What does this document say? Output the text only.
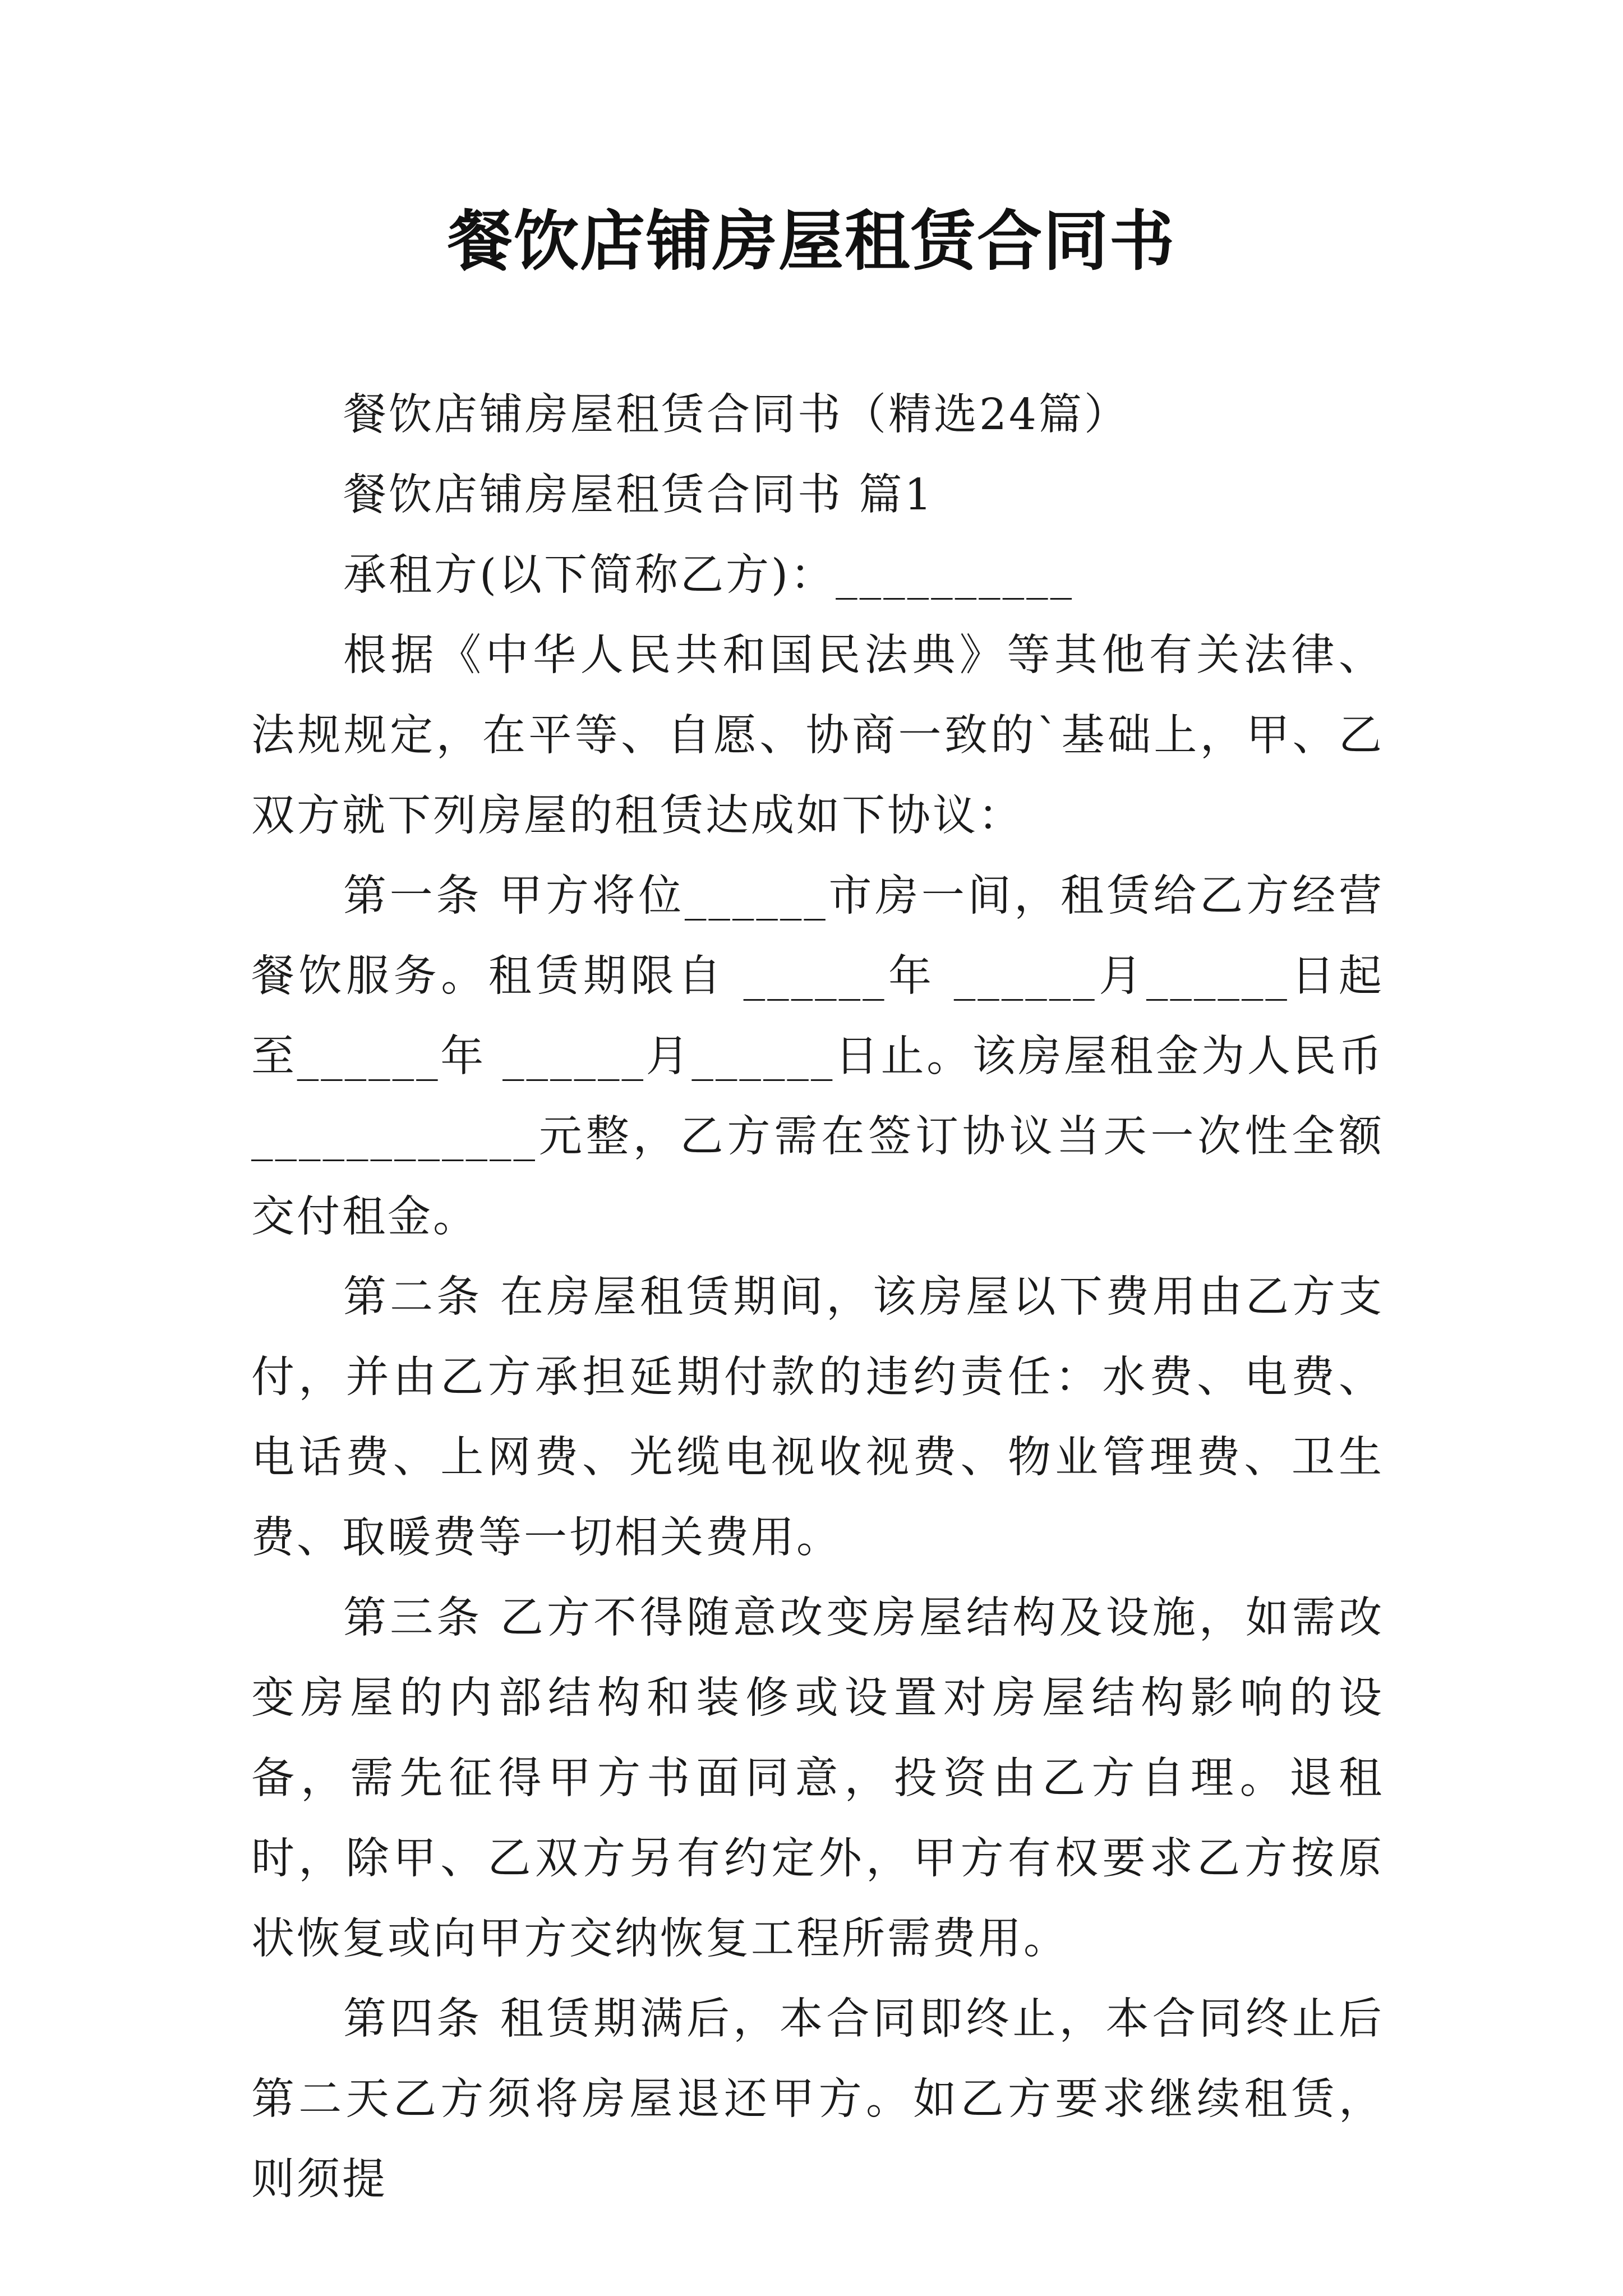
餐饮店铺房屋租赁合同书

餐饮店铺房屋租赁合同书（精选24篇）

餐饮店铺房屋租赁合同书 篇1

承租方(以下简称乙方)：__________

根据《中华人民共和国民法典》等其他有关法律、法规规定，在平等、自愿、协商一致的`基础上，甲、乙双方就下列房屋的租赁达成如下协议：

第一条 甲方将位______市房一间，租赁给乙方经营餐饮服务。租赁期限自 ______年 ______月______日起至______年 ______月______日止。该房屋租金为人民币____________元整，乙方需在签订协议当天一次性全额交付租金。

第二条 在房屋租赁期间，该房屋以下费用由乙方支付，并由乙方承担延期付款的违约责任：水费、电费、电话费、上网费、光缆电视收视费、物业管理费、卫生费、取暖费等一切相关费用。

第三条 乙方不得随意改变房屋结构及设施，如需改变房屋的内部结构和装修或设置对房屋结构影响的设备，需先征得甲方书面同意，投资由乙方自理。退租时，除甲、乙双方另有约定外，甲方有权要求乙方按原状恢复或向甲方交纳恢复工程所需费用。

第四条 租赁期满后，本合同即终止，本合同终止后第二天乙方须将房屋退还甲方。如乙方要求继续租赁，则须提
